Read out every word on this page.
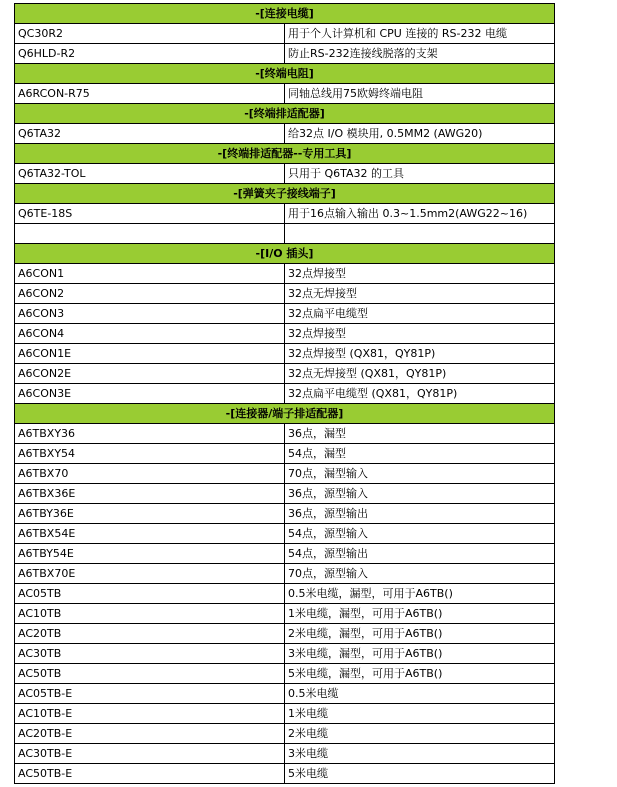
-[连接电缆]	
QC30R2	用于个人计算机和 CPU 连接的 RS-232 电缆
Q6HLD-R2	防止RS-232连接线脱落的支架
-[终端电阻]	
A6RCON-R75	同轴总线用75欧姆终端电阻
-[终端排适配器]	
Q6TA32	给32点 I/O 模块用, 0.5MM2 (AWG20)
-[终端排适配器--专用工具]	
Q6TA32-TOL	只用于 Q6TA32 的工具
-[弹簧夹子接线端子]	
Q6TE-18S	用于16点输入输出 0.3~1.5mm2(AWG22~16)

-[I/O 插头]	
A6CON1	32点焊接型
A6CON2	32点无焊接型
A6CON3	32点扁平电缆型
A6CON4	32点焊接型
A6CON1E	32点焊接型 (QX81，QY81P)
A6CON2E	32点无焊接型 (QX81，QY81P)
A6CON3E	32点扁平电缆型 (QX81，QY81P)
-[连接器/端子排适配器]	
A6TBXY36	36点，漏型
A6TBXY54	54点，漏型
A6TBX70	70点，漏型输入
A6TBX36E	36点，源型输入
A6TBY36E	36点，源型输出
A6TBX54E	54点，源型输入
A6TBY54E	54点，源型输出
A6TBX70E	70点，源型输入
AC05TB	0.5米电缆，漏型，可用于A6TB()
AC10TB	1米电缆，漏型，可用于A6TB()
AC20TB	2米电缆，漏型，可用于A6TB()
AC30TB	3米电缆，漏型，可用于A6TB()
AC50TB	5米电缆，漏型，可用于A6TB()
AC05TB-E	0.5米电缆
AC10TB-E	1米电缆
AC20TB-E	2米电缆
AC30TB-E	3米电缆
AC50TB-E	5米电缆
